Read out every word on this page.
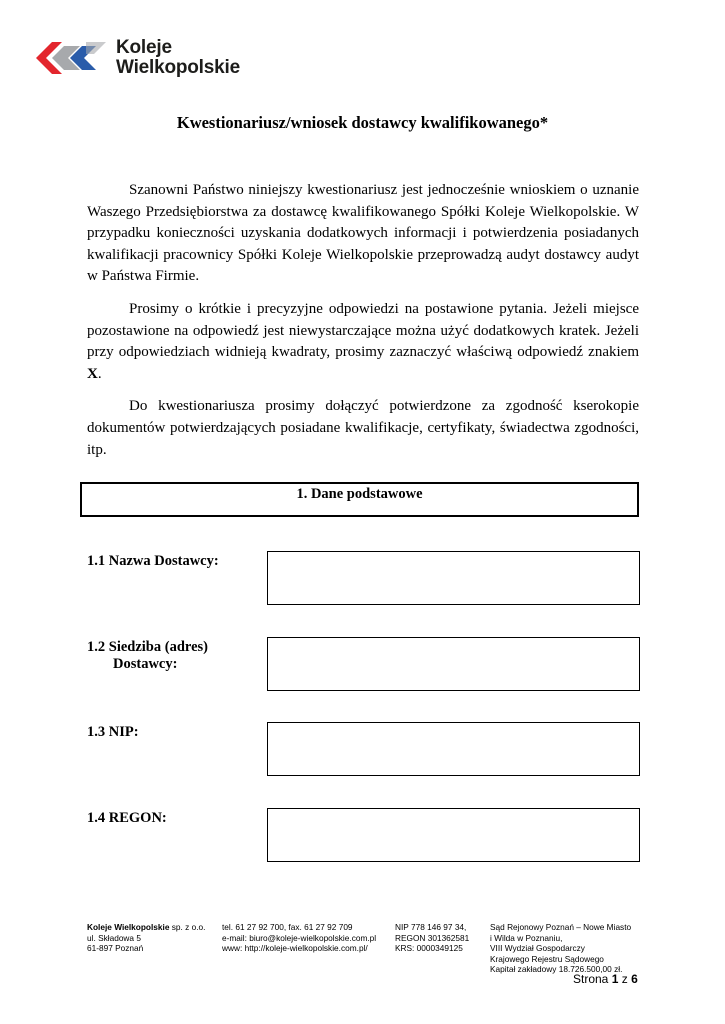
Koleje
Wielkopolskie
Kwestionariusz/wniosek dostawcy kwalifikowanego*

Szanowni Państwo niniejszy kwestionariusz jest jednocześnie wnioskiem o uznanie Waszego Przedsiębiorstwa za dostawcę kwalifikowanego Spółki Koleje Wielkopolskie. W przypadku konieczności uzyskania dodatkowych informacji i potwierdzenia posiadanych kwalifikacji pracownicy Spółki Koleje Wielkopolskie przeprowadzą audyt dostawcy audyt w Państwa Firmie.

Prosimy o krótkie i precyzyjne odpowiedzi na postawione pytania. Jeżeli miejsce pozostawione na odpowiedź jest niewystarczające można użyć dodatkowych kratek. Jeżeli przy odpowiedziach widnieją kwadraty, prosimy zaznaczyć właściwą odpowiedź znakiem X.

Do kwestionariusza prosimy dołączyć potwierdzone za zgodność kserokopie dokumentów potwierdzających posiadane kwalifikacje, certyfikaty, świadectwa zgodności, itp.

1. Dane podstawowe
1.1 Nazwa Dostawcy:
1.2 Siedziba (adres)
Dostawcy:
1.3 NIP:
1.4 REGON:
Koleje Wielkopolskie sp. z o.o.
ul. Składowa 5
61-897 Poznań
tel. 61 27 92 700, fax. 61 27 92 709
e-mail: biuro@koleje-wielkopolskie.com.pl
www: http://koleje-wielkopolskie.com.pl/
NIP 778 146 97 34,
REGON 301362581
KRS: 0000349125
Sąd Rejonowy Poznań – Nowe Miasto
i Wilda w Poznaniu,
VIII Wydział Gospodarczy
Krajowego Rejestru Sądowego
Kapitał zakładowy 18.726.500,00 zł.
Strona 1 z 6
